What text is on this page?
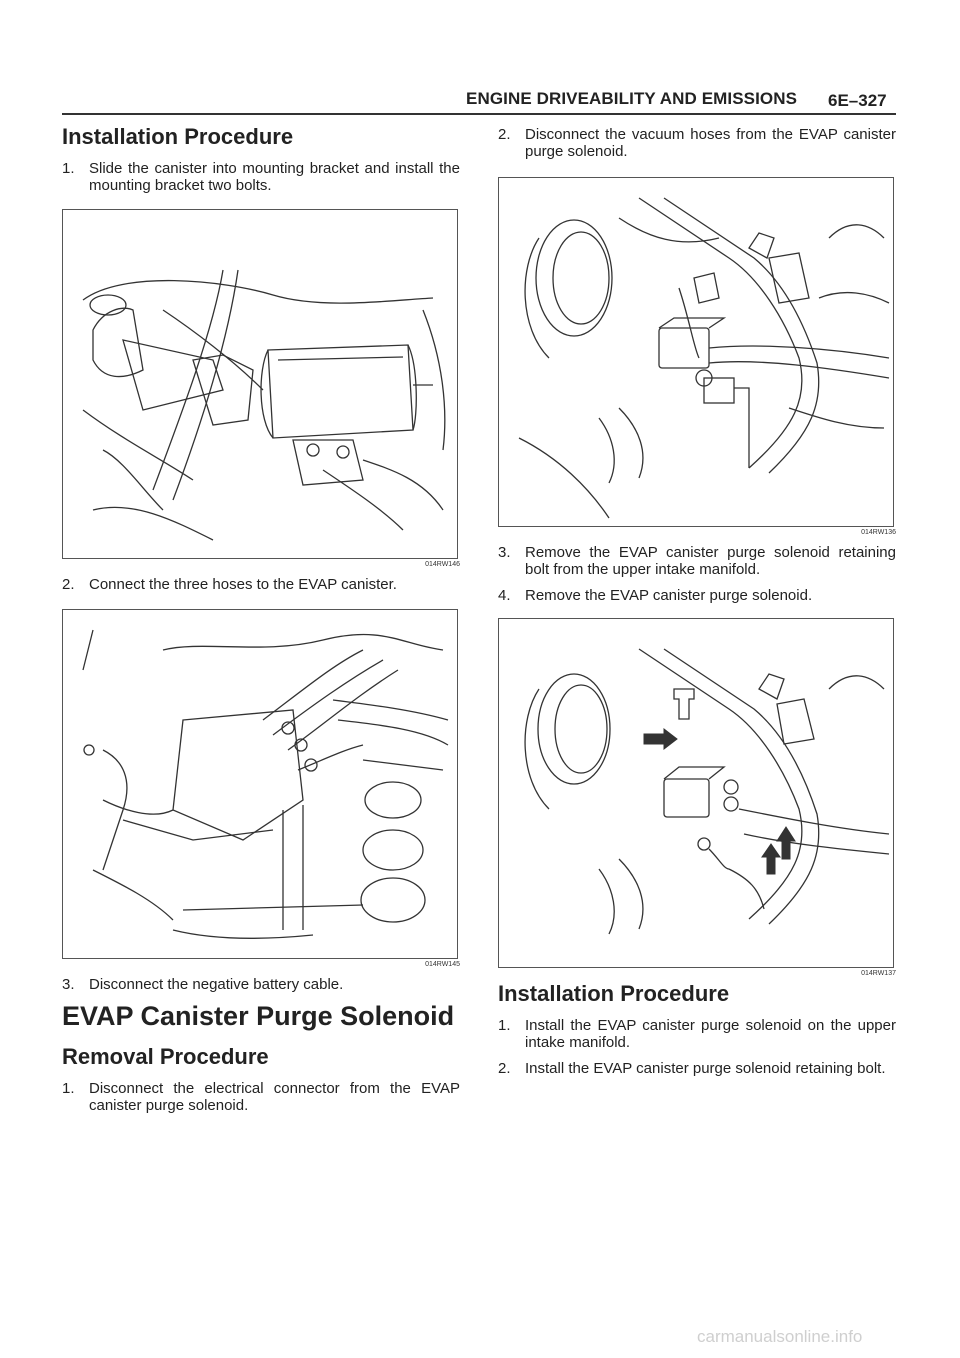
ENGINE DRIVEABILITY AND EMISSIONS 6E–327
Installation Procedure
1. Slide the canister into mounting bracket and install the mounting bracket two bolts.
014RW146
2. Connect the three hoses to the EVAP canister.
014RW145
3. Disconnect the negative battery cable.
EVAP Canister Purge Solenoid
Removal Procedure
1. Disconnect the electrical connector from the EVAP canister purge solenoid.
2. Disconnect the vacuum hoses from the EVAP canister purge solenoid.
014RW136
3. Remove the EVAP canister purge solenoid retaining bolt from the upper intake manifold.
4. Remove the EVAP canister purge solenoid.
014RW137
Installation Procedure
1. Install the EVAP canister purge solenoid on the upper intake manifold.
2. Install the EVAP canister purge solenoid retaining bolt.
carmanualsonline.info
